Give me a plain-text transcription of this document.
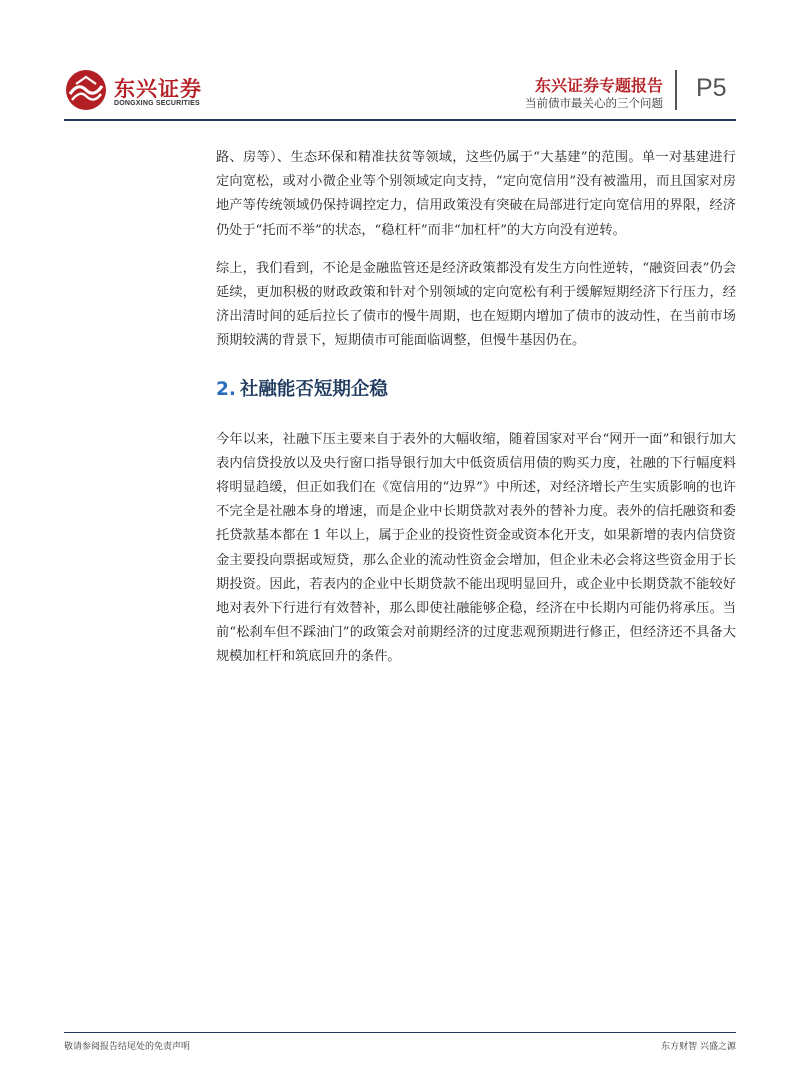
东兴证券
DONGXING SECURITIES
东兴证券专题报告
当前债市最关心的三个问题
P5

路、房等）、生态环保和精准扶贫等领域，这些仍属于“大基建”的范围。单一对基建进行定向宽松，或对小微企业等个别领域定向支持，“定向宽信用”没有被滥用，而且国家对房地产等传统领域仍保持调控定力，信用政策没有突破在局部进行定向宽信用的界限，经济仍处于“托而不举”的状态，“稳杠杆”而非“加杠杆”的大方向没有逆转。

综上，我们看到，不论是金融监管还是经济政策都没有发生方向性逆转，“融资回表”仍会延续，更加积极的财政政策和针对个别领域的定向宽松有利于缓解短期经济下行压力，经济出清时间的延后拉长了债市的慢牛周期，也在短期内增加了债市的波动性，在当前市场预期较满的背景下，短期债市可能面临调整，但慢牛基因仍在。

2. 社融能否短期企稳

今年以来，社融下压主要来自于表外的大幅收缩，随着国家对平台“网开一面”和银行加大表内信贷投放以及央行窗口指导银行加大中低资质信用债的购买力度，社融的下行幅度料将明显趋缓，但正如我们在《宽信用的“边界”》中所述，对经济增长产生实质影响的也许不完全是社融本身的增速，而是企业中长期贷款对表外的替补力度。表外的信托融资和委托贷款基本都在 1 年以上，属于企业的投资性资金或资本化开支，如果新增的表内信贷资金主要投向票据或短贷，那么企业的流动性资金会增加，但企业未必会将这些资金用于长期投资。因此，若表内的企业中长期贷款不能出现明显回升，或企业中长期贷款不能较好地对表外下行进行有效替补，那么即使社融能够企稳，经济在中长期内可能仍将承压。当前“松刹车但不踩油门”的政策会对前期经济的过度悲观预期进行修正，但经济还不具备大规模加杠杆和筑底回升的条件。

敬请参阅报告结尾处的免责声明	东方财智 兴盛之源
